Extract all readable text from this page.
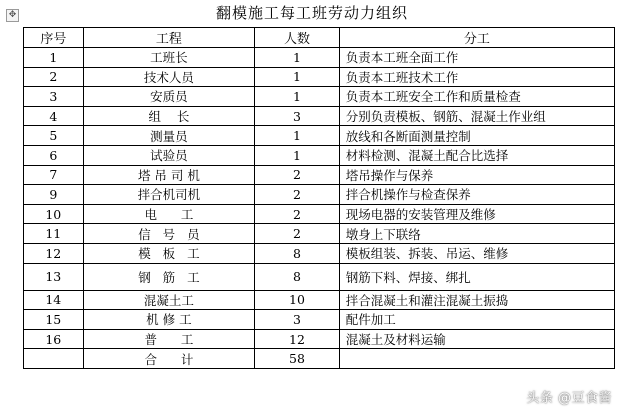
✥	翻模施工每工班劳动力组织
序号	工程	人数	分工
1	工班长	1	负责本工班全面工作
2	技术人员	1	负责本工班技术工作
3	安质员	1	负责本工班安全工作和质量检查
4	组    长	3	分别负责模板、钢筋、混凝土作业组
5	测量员	1	放线和各断面测量控制
6	试验员	1	材料检测、混凝土配合比选择
7	塔 吊 司 机	2	塔吊操作与保养
9	拌合机司机	2	拌合机操作与检查保养
10	电      工	2	现场电器的安装管理及维修
11	信   号   员	2	墩身上下联络
12	模   板   工	8	模板组装、拆装、吊运、维修
13	钢   筋   工	8	钢筋下料、焊接、绑扎
14	混凝土工	10	拌合混凝土和灌注混凝土振捣
15	机 修 工	3	配件加工
16	普      工	12	混凝土及材料运输
	合      计	58	
头条 @豆食酱
